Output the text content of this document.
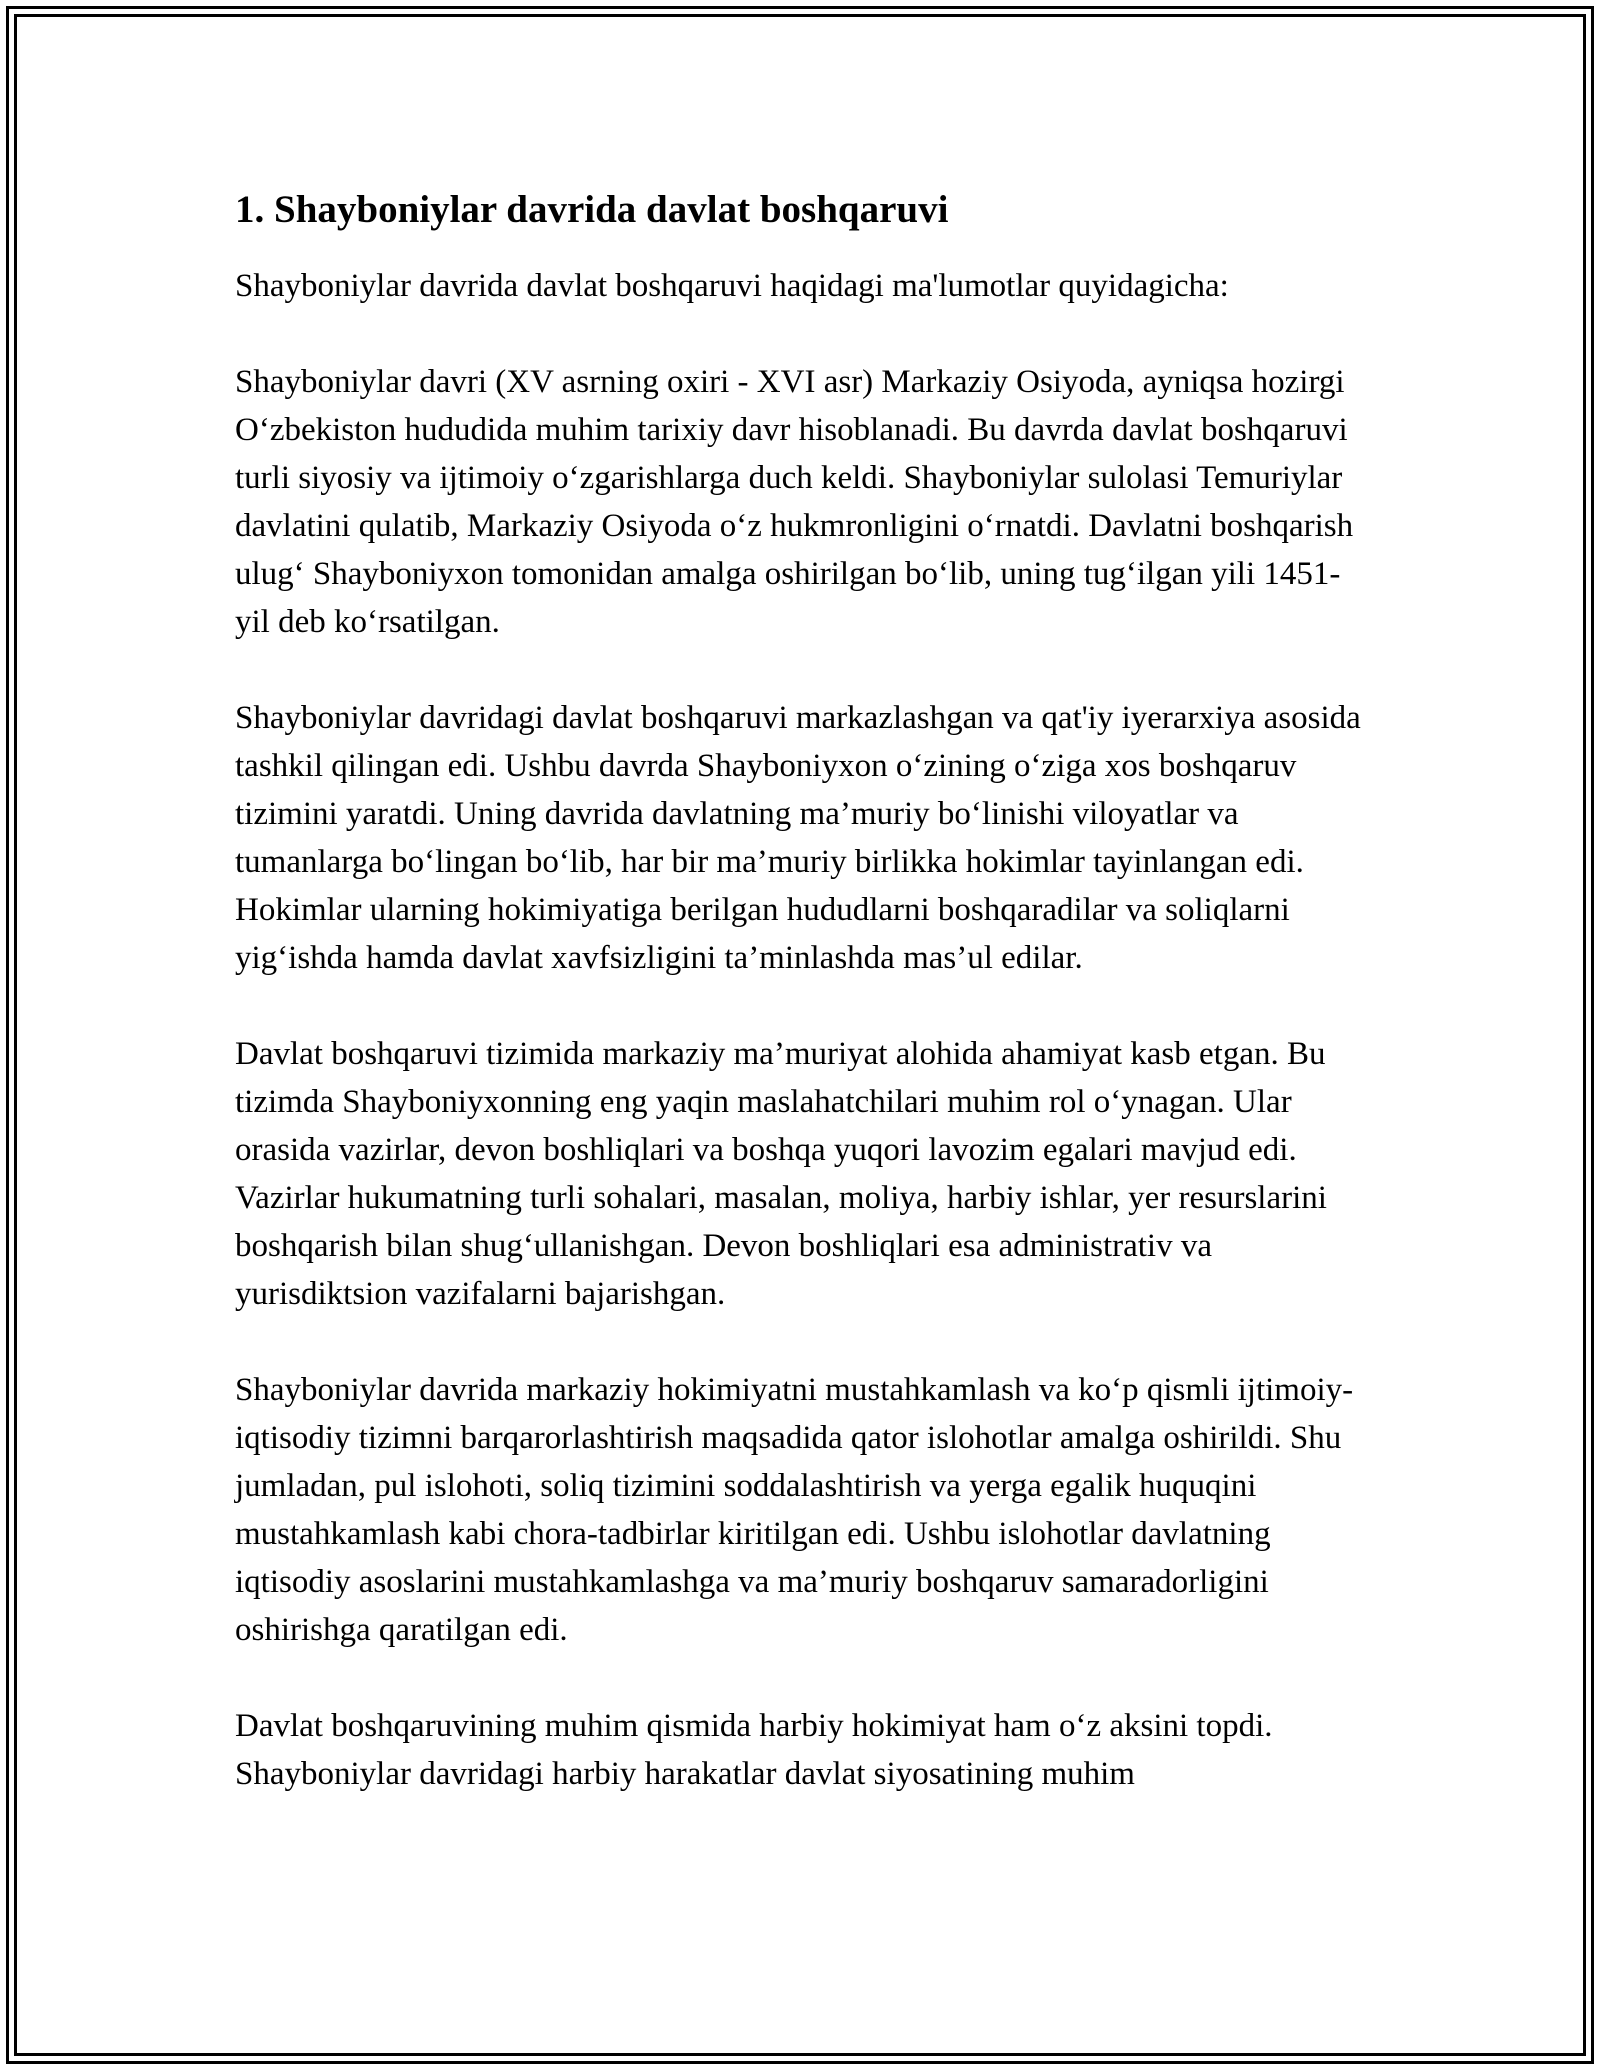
1. Shayboniylar davrida davlat boshqaruvi

Shayboniylar davrida davlat boshqaruvi haqidagi ma'lumotlar quyidagicha:

Shayboniylar davri (XV asrning oxiri - XVI asr) Markaziy Osiyoda, ayniqsa hozirgi O‘zbekiston hududida muhim tarixiy davr hisoblanadi. Bu davrda davlat boshqaruvi turli siyosiy va ijtimoiy o‘zgarishlarga duch keldi. Shayboniylar sulolasi Temuriylar davlatini qulatib, Markaziy Osiyoda o‘z hukmronligini o‘rnatdi. Davlatni boshqarish ulug‘ Shayboniyxon tomonidan amalga oshirilgan bo‘lib, uning tug‘ilgan yili 1451-yil deb ko‘rsatilgan.

Shayboniylar davridagi davlat boshqaruvi markazlashgan va qat'iy iyerarxiya asosida tashkil qilingan edi. Ushbu davrda Shayboniyxon o‘zining o‘ziga xos boshqaruv tizimini yaratdi. Uning davrida davlatning ma’muriy bo‘linishi viloyatlar va tumanlarga bo‘lingan bo‘lib, har bir ma’muriy birlikka hokimlar tayinlangan edi. Hokimlar ularning hokimiyatiga berilgan hududlarni boshqaradilar va soliqlarni yig‘ishda hamda davlat xavfsizligini ta’minlashda mas’ul edilar.

Davlat boshqaruvi tizimida markaziy ma’muriyat alohida ahamiyat kasb etgan. Bu tizimda Shayboniyxonning eng yaqin maslahatchilari muhim rol o‘ynagan. Ular orasida vazirlar, devon boshliqlari va boshqa yuqori lavozim egalari mavjud edi. Vazirlar hukumatning turli sohalari, masalan, moliya, harbiy ishlar, yer resurslarini boshqarish bilan shug‘ullanishgan. Devon boshliqlari esa administrativ va yurisdiktsion vazifalarni bajarishgan.

Shayboniylar davrida markaziy hokimiyatni mustahkamlash va ko‘p qismli ijtimoiy-iqtisodiy tizimni barqarorlashtirish maqsadida qator islohotlar amalga oshirildi. Shu jumladan, pul islohoti, soliq tizimini soddalashtirish va yerga egalik huquqini mustahkamlash kabi chora-tadbirlar kiritilgan edi. Ushbu islohotlar davlatning iqtisodiy asoslarini mustahkamlashga va ma’muriy boshqaruv samaradorligini oshirishga qaratilgan edi.

Davlat boshqaruvining muhim qismida harbiy hokimiyat ham o‘z aksini topdi. Shayboniylar davridagi harbiy harakatlar davlat siyosatining muhim
